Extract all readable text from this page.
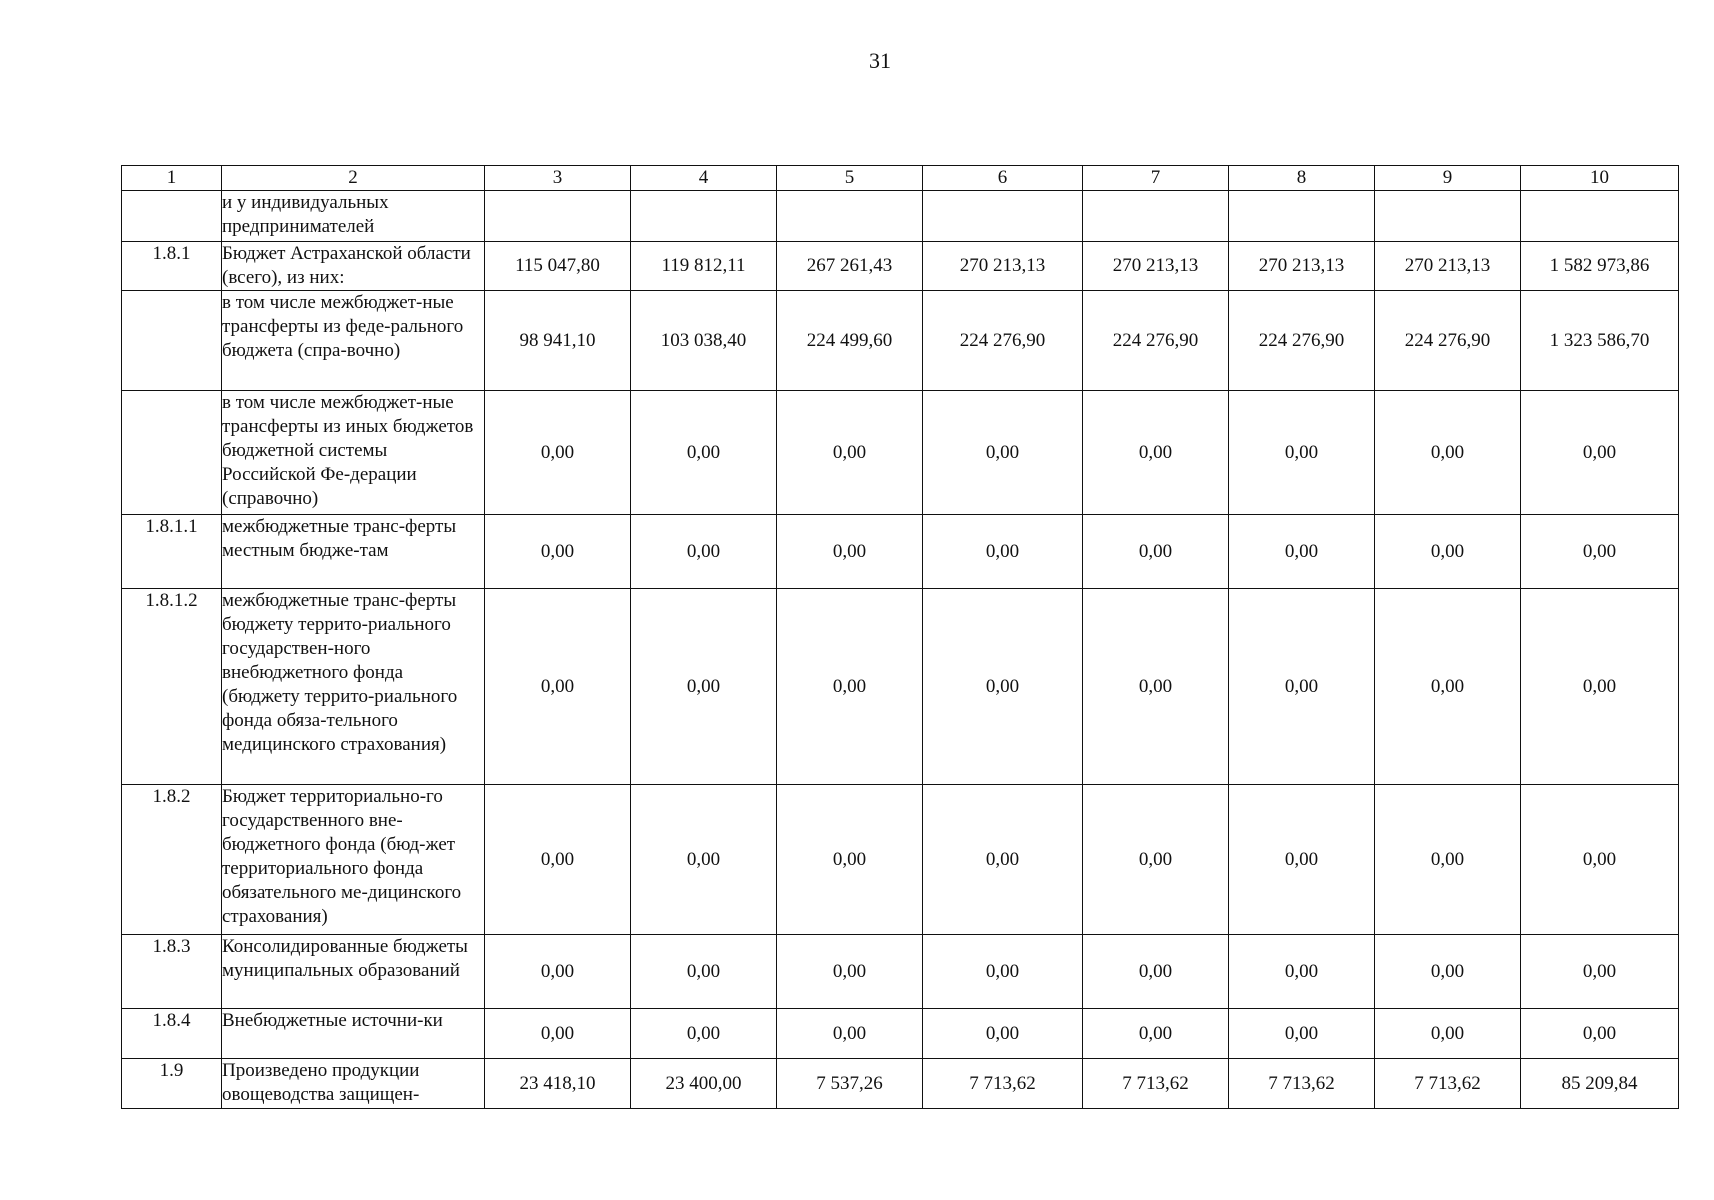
31
1	2	3	4	5	6	7	8	9	10
	и у индивидуальных предпринимателей								
1.8.1	Бюджет Астраханской области (всего), из них:	115 047,80	119 812,11	267 261,43	270 213,13	270 213,13	270 213,13	270 213,13	1 582 973,86
	в том числе межбюджет-ные трансферты из феде-рального бюджета (спра-вочно)	98 941,10	103 038,40	224 499,60	224 276,90	224 276,90	224 276,90	224 276,90	1 323 586,70
	в том числе межбюджет-ные трансферты из иных бюджетов бюджетной системы Российской Фе-дерации (справочно)	0,00	0,00	0,00	0,00	0,00	0,00	0,00	0,00
1.8.1.1	межбюджетные транс-ферты местным бюдже-там	0,00	0,00	0,00	0,00	0,00	0,00	0,00	0,00
1.8.1.2	межбюджетные транс-ферты бюджету террито-риального государствен-ного внебюджетного фонда (бюджету террито-риального фонда обяза-тельного медицинского страхования)	0,00	0,00	0,00	0,00	0,00	0,00	0,00	0,00
1.8.2	Бюджет территориально-го государственного вне-бюджетного фонда (бюд-жет территориального фонда обязательного ме-дицинского страхования)	0,00	0,00	0,00	0,00	0,00	0,00	0,00	0,00
1.8.3	Консолидированные бюджеты муниципальных образований	0,00	0,00	0,00	0,00	0,00	0,00	0,00	0,00
1.8.4	Внебюджетные источни-ки	0,00	0,00	0,00	0,00	0,00	0,00	0,00	0,00
1.9	Произведено продукции овощеводства защищен-	23 418,10	23 400,00	7 537,26	7 713,62	7 713,62	7 713,62	7 713,62	85 209,84
